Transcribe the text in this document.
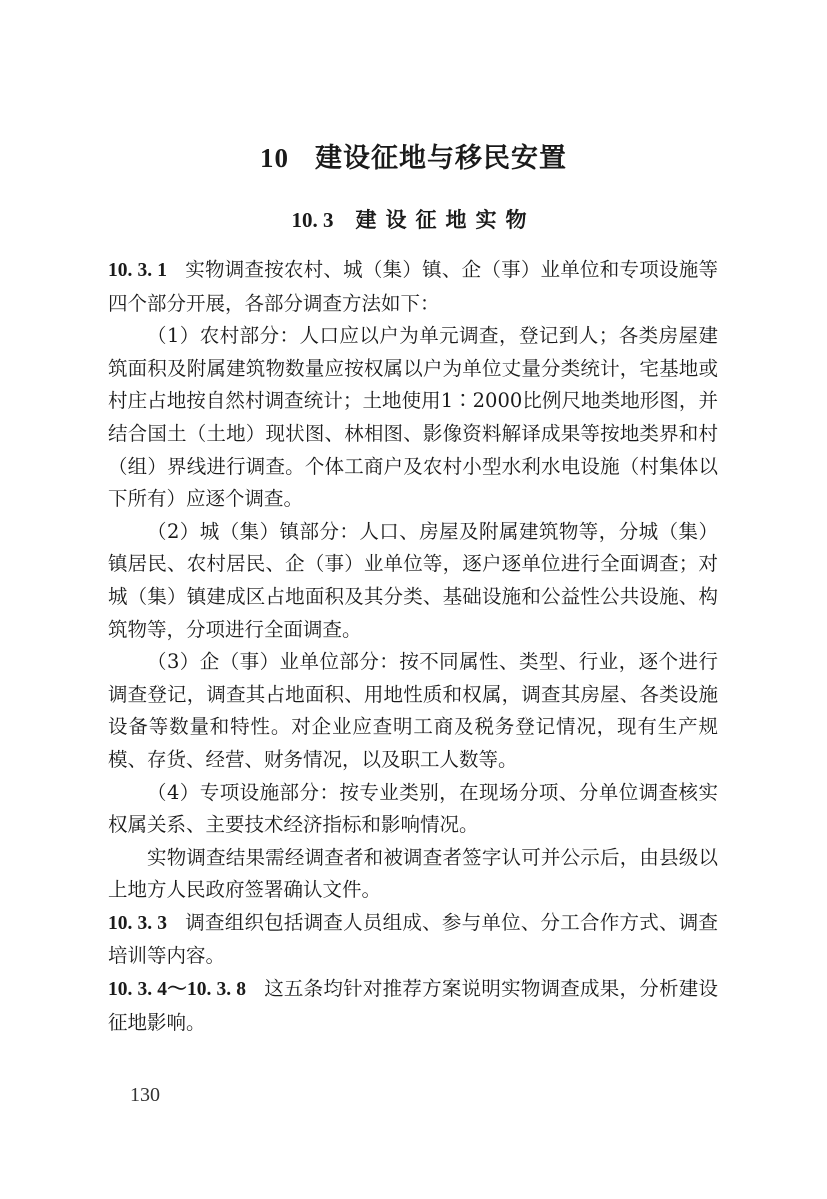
10 建设征地与移民安置
10. 3 建设征地实物

10. 3. 1 实物调查按农村、城（集）镇、企（事）业单位和专项设施等四个部分开展，各部分调查方法如下：

（1）农村部分：人口应以户为单元调查，登记到人；各类房屋建筑面积及附属建筑物数量应按权属以户为单位丈量分类统计，宅基地或村庄占地按自然村调查统计；土地使用1∶2000比例尺地类地形图，并结合国土（土地）现状图、林相图、影像资料解译成果等按地类界和村（组）界线进行调查。个体工商户及农村小型水利水电设施（村集体以下所有）应逐个调查。

（2）城（集）镇部分：人口、房屋及附属建筑物等，分城（集）镇居民、农村居民、企（事）业单位等，逐户逐单位进行全面调查；对城（集）镇建成区占地面积及其分类、基础设施和公益性公共设施、构筑物等，分项进行全面调查。

（3）企（事）业单位部分：按不同属性、类型、行业，逐个进行调查登记，调查其占地面积、用地性质和权属，调查其房屋、各类设施设备等数量和特性。对企业应查明工商及税务登记情况，现有生产规模、存货、经营、财务情况，以及职工人数等。

（4）专项设施部分：按专业类别，在现场分项、分单位调查核实权属关系、主要技术经济指标和影响情况。

实物调查结果需经调查者和被调查者签字认可并公示后，由县级以上地方人民政府签署确认文件。

10. 3. 3 调查组织包括调查人员组成、参与单位、分工合作方式、调查培训等内容。

10. 3. 4～10. 3. 8 这五条均针对推荐方案说明实物调查成果，分析建设征地影响。

130
